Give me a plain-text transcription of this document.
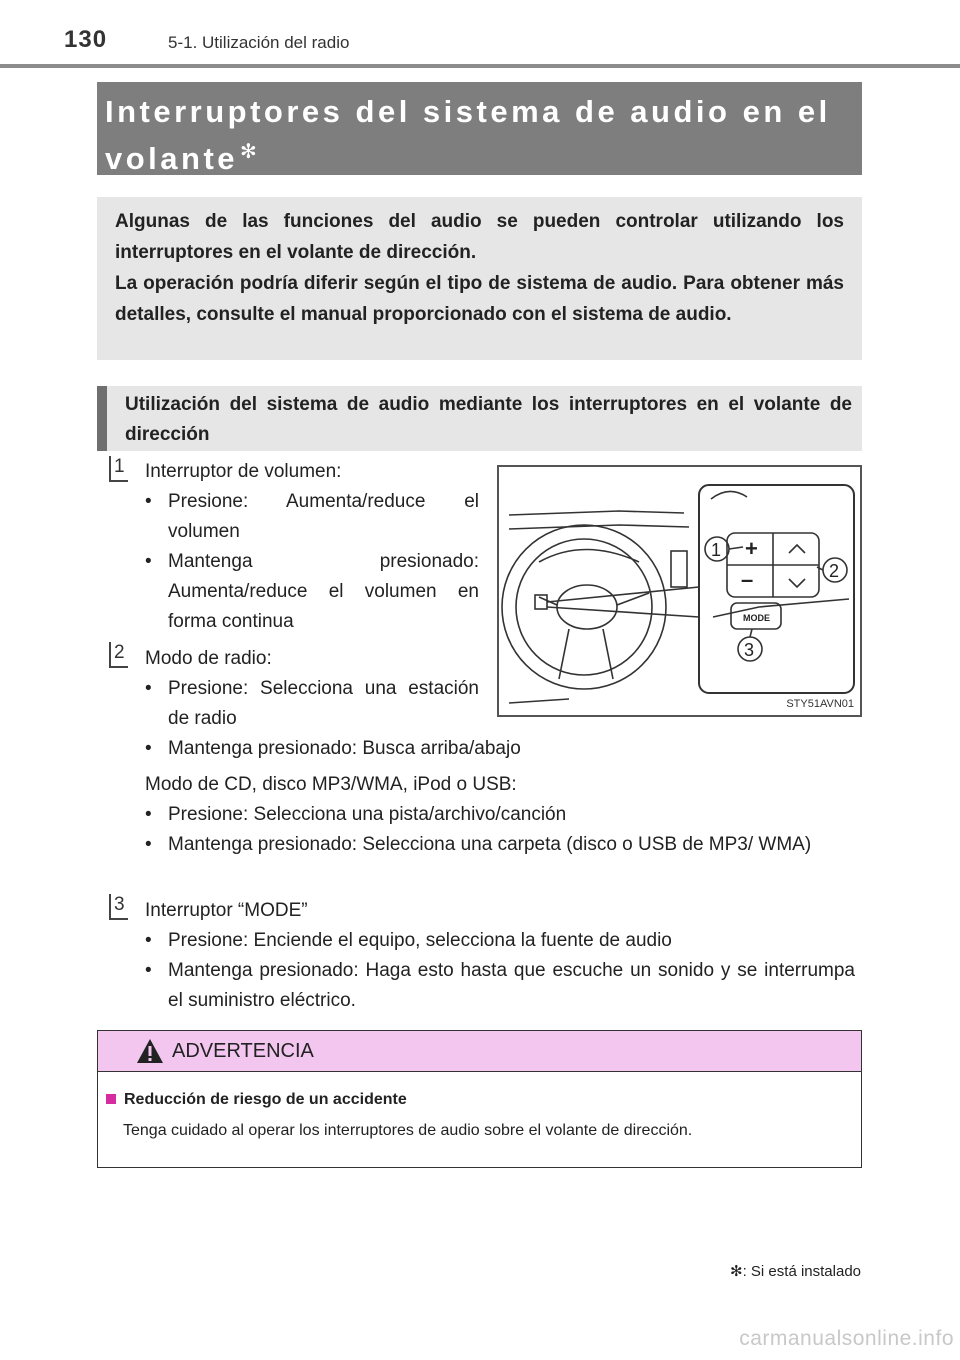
130	5-1. Utilización del radio
Interruptores del sistema de audio en el volante ✻

Algunas de las funciones del audio se pueden controlar utilizando los interruptores en el volante de dirección.

La operación podría diferir según el tipo de sistema de audio. Para obtener más detalles, consulte el manual proporcionado con el sistema de audio.

Utilización del sistema de audio mediante los interruptores en el volante de dirección
1 Interruptor de volumen:
• Presione: Aumenta/reduce el volumen
• Mantenga presionado: Aumenta/reduce el volumen en forma continua
2 Modo de radio:
• Presione: Selecciona una estación de radio
• Mantenga presionado: Busca arriba/abajo
Modo de CD, disco MP3/WMA, iPod o USB:
• Presione: Selecciona una pista/archivo/canción
• Mantenga presionado: Selecciona una carpeta (disco o USB de MP3/ WMA)
3 Interruptor “MODE”
• Presione: Enciende el equipo, selecciona la fuente de audio
• Mantenga presionado: Haga esto hasta que escuche un sonido y se interrumpa el suministro eléctrico.
+
–
MODE
1
2
3
STY51AVN01
ADVERTENCIA
Reducción de riesgo de un accidente
Tenga cuidado al operar los interruptores de audio sobre el volante de dirección.
✻: Si está instalado
carmanualsonline.info
